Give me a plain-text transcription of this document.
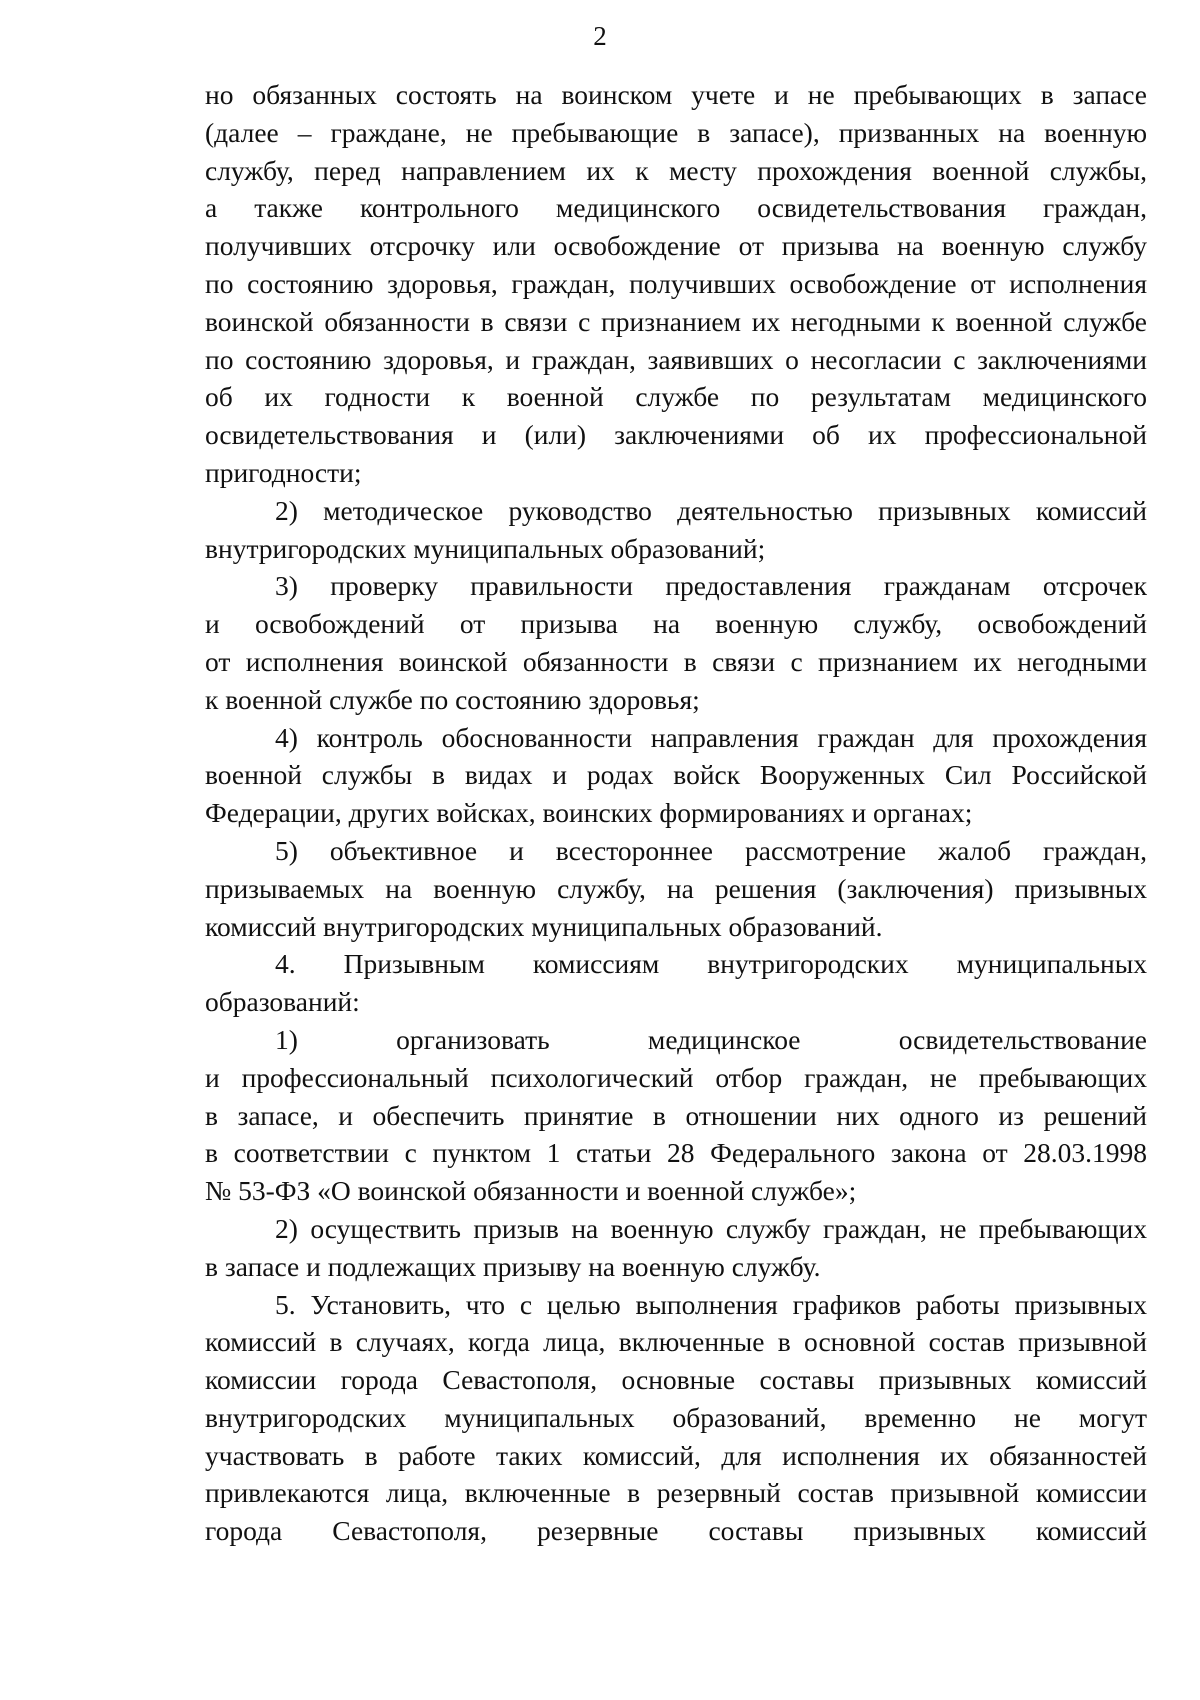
2
но обязанных состоять на воинском учете и не пребывающих в запасе
(далее – граждане, не пребывающие в запасе), призванных на военную
службу, перед направлением их к месту прохождения военной службы,
а также контрольного медицинского освидетельствования граждан,
получивших отсрочку или освобождение от призыва на военную службу
по состоянию здоровья, граждан, получивших освобождение от исполнения
воинской обязанности в связи с признанием их негодными к военной службе
по состоянию здоровья, и граждан, заявивших о несогласии с заключениями
об их годности к военной службе по результатам медицинского
освидетельствования и (или) заключениями об их профессиональной
пригодности;
2) методическое руководство деятельностью призывных комиссий
внутригородских муниципальных образований;
3) проверку правильности предоставления гражданам отсрочек
и освобождений от призыва на военную службу, освобождений
от исполнения воинской обязанности в связи с признанием их негодными
к военной службе по состоянию здоровья;
4) контроль обоснованности направления граждан для прохождения
военной службы в видах и родах войск Вооруженных Сил Российской
Федерации, других войсках, воинских формированиях и органах;
5) объективное и всестороннее рассмотрение жалоб граждан,
призываемых на военную службу, на решения (заключения) призывных
комиссий внутригородских муниципальных образований.
4. Призывным комиссиям внутригородских муниципальных
образований:
1) организовать медицинское освидетельствование
и профессиональный психологический отбор граждан, не пребывающих
в запасе, и обеспечить принятие в отношении них одного из решений
в соответствии с пунктом 1 статьи 28 Федерального закона от 28.03.1998
№ 53-ФЗ «О воинской обязанности и военной службе»;
2) осуществить призыв на военную службу граждан, не пребывающих
в запасе и подлежащих призыву на военную службу.
5. Установить, что с целью выполнения графиков работы призывных
комиссий в случаях, когда лица, включенные в основной состав призывной
комиссии города Севастополя, основные составы призывных комиссий
внутригородских муниципальных образований, временно не могут
участвовать в работе таких комиссий, для исполнения их обязанностей
привлекаются лица, включенные в резервный состав призывной комиссии
города Севастополя, резервные составы призывных комиссий
